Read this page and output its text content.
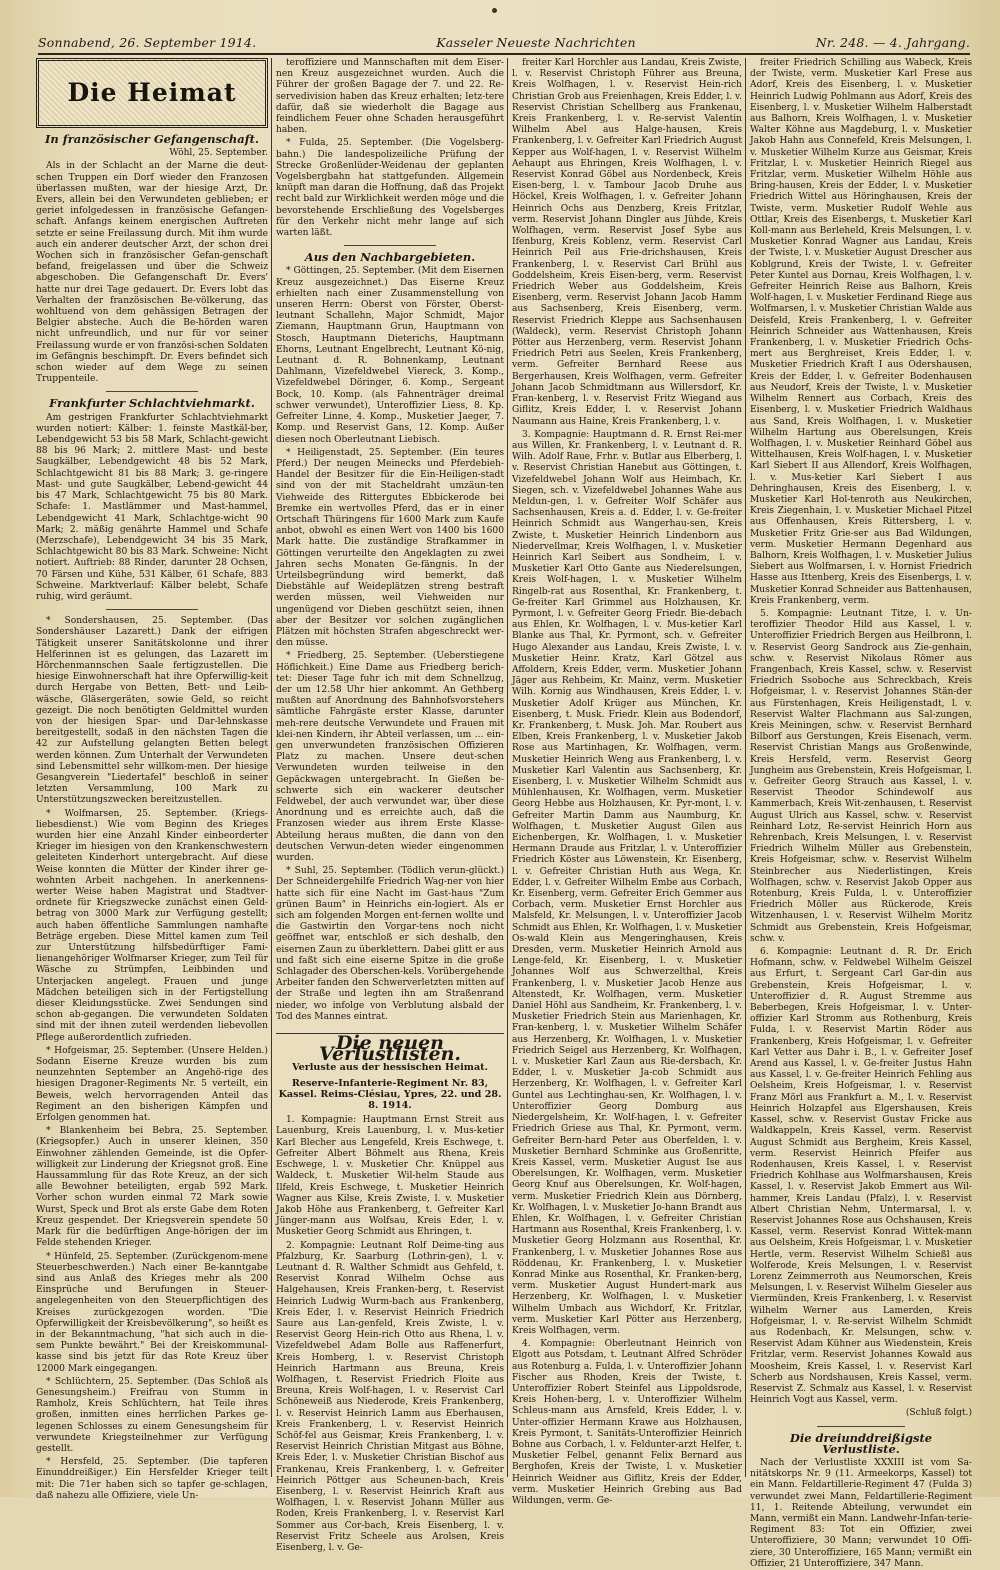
Sonnabend, 26. September 1914.	Kasseler Neueste Nachrichten	Nr. 248. — 4. Jahrgang.
Die Heimat
In französischer Gefangenschaft.
Wöhl, 25. September.

Als in der Schlacht an der Marne die deut-schen Truppen ein Dorf wieder den Franzosen überlassen mußten, war der hiesige Arzt, Dr. Evers, allein bei den Verwundeten geblieben; er geriet infolgedessen in französische Gefangen-schaft. Anfangs keinem energischen Auftreten setzte er seine Freilassung durch. Mit ihm wurde auch ein anderer deutscher Arzt, der schon drei Wochen sich in französischer Gefan-genschaft befand, freigelassen und über die Schweiz abgeschoben. Die Gefangenschaft Dr. Evers' hatte nur drei Tage gedauert. Dr. Evers lobt das Verhalten der französischen Be-völkerung, das wohltuend von dem gehässigen Betragen der Belgier absteche. Auch die Be-hörden waren nicht unfreundlich, und nur für vor seiner Freilassung wurde er von französi-schen Soldaten im Gefängnis beschimpft. Dr. Evers befindet sich schon wieder auf dem Wege zu seinen Truppenteile.

Frankfurter Schlachtviehmarkt.

Am gestrigen Frankfurter Schlachtviehmarkt wurden notiert: Kälber: 1. feinste Mastkäl-ber, Lebendgewicht 53 bis 58 Mark, Schlacht-gewicht 88 bis 96 Mark; 2. mittlere Mast- und beste Saugkälber, Lebendgewicht 48 bis 52 Mark, Schlachtgewicht 81 bis 88 Mark; 3. ge-ringere Mast- und gute Saugkälber, Lebend-gewicht 44 bis 47 Mark, Schlachtgewicht 75 bis 80 Mark. Schafe: 1. Mastlämmer und Mast-hammel, Lebendgewicht 41 Mark, Schlachtge-wicht 90 Mark; 2. mäßig genährte Hammel und Schafe (Merzschafe), Lebendgewicht 34 bis 35 Mark, Schlachtgewicht 80 bis 83 Mark. Schweine: Nicht notiert. Auftrieb: 88 Rinder, darunter 28 Ochsen, 70 Färsen und Kühe, 531 Kälber, 61 Schafe, 883 Schweine. Marktverlauf: Kälber belebt, Schafe ruhig, wird geräumt.

* Sondershausen, 25. September. (Das Sondershäuser Lazarett.) Dank der eifrigen Tätigkeit unserer Sanitätskolonne und ihrer Helferinnen ist es gelungen, das Lazarett im Hörchenmannschen Saale fertigzustellen. Die hiesige Einwohnerschaft hat ihre Opferwillig-keit durch Hergabe von Betten, Bett- und Leib-wäsche, Gläsergeräten, sowie Geld, so reicht gezeigt. Die noch benötigten Geldmittel wurden von der hiesigen Spar- und Dar-lehnskasse bereitgestellt, sodaß in den nächsten Tagen die 42 zur Aufstellung gelangten Betten belegt werden können. Zum Unterhalt der Verwundeten sind Lebensmittel sehr willkom-men. Der hiesige Gesangverein "Liedertafel" beschloß in seiner letzten Versammlung, 100 Mark zu Unterstützungszwecken bereitzustellen.

* Wolfmarsen, 25. September. (Kriegs-liebesdienst.) Wie vom Beginn des Krieges wurden hier eine Anzahl Kinder einbeorderter Krieger im hiesigen von den Krankenschwestern geleiteten Kinderhort untergebracht. Auf diese Weise konnten die Mütter der Kinder ihrer ge-wohnten Arbeit nachgehen. In anerkennens-werter Weise haben Magistrat und Stadtver-ordnete für Kriegszwecke zunächst einen Geld-betrag von 3000 Mark zur Verfügung gestellt; auch haben öffentliche Sammlungen namhafte Beträge ergeben. Diese Mittel kamen zum Teil zur Unterstützung hilfsbedürftiger Fami-lienangehöriger Wolfmarser Krieger, zum Teil für Wäsche zu Strümpfen, Leibbinden und Unterjacken angelegt. Frauen und junge Mädchen beteiligen sich in der Fertigstellung dieser Kleidungsstücke. Zwei Sendungen sind schon ab-gegangen. Die verwundeten Soldaten sind mit der ihnen zuteil werdenden liebevollen Pflege außerordentlich zufrieden.

* Hofgeismar, 25. September. (Unsere Helden.) Sodann Eiserne Kreuze wurden bis zum neunzehnten September an Angehö-rige des hiesigen Dragoner-Regiments Nr. 5 verteilt, ein Beweis, welch hervorragenden Anteil das Regiment an den bisherigen Kämpfen und Erfolgen genommen hat.

* Blankenheim bei Bebra, 25. September. (Kriegsopfer.) Auch in unserer kleinen, 350 Einwohner zählenden Gemeinde, ist die Opfer-willigkeit zur Linderung der Kriegsnot groß. Eine Haussammlung für das Rote Kreuz, an der sich alle Bewohner beteiligten, ergab 592 Mark. Vorher schon wurden einmal 72 Mark sowie Wurst, Speck und Brot als erste Gabe dem Roten Kreuz gespendet. Der Kriegsverein spendete 50 Mark für die bedürftigen Ange-hörigen der im Felde stehenden Krieger.

* Hünfeld, 25. September. (Zurückgenom-mene Steuerbeschwerden.) Nach einer Be-kanntgabe sind aus Anlaß des Krieges mehr als 200 Einsprüche und Berufungen in Steuer-angelegenheiten von den Steuerpflichtigen des Kreises zurückgezogen worden. "Die Opferwilligkeit der Kreisbevölkerung", so heißt es in der Bekanntmachung, "hat sich auch in die-sem Punkte bewährt." Bei der Kreiskommunal-kasse sind bis jetzt für das Rote Kreuz über 12000 Mark eingegangen.

* Schlüchtern, 25. September. (Das Schloß als Genesungsheim.) Freifrau von Stumm in Ramholz, Kreis Schlüchtern, hat Teile ihres großen, inmitten eines herrlichen Parkes ge-legenen Schlosses zu einem Genesungsheim für verwundete Kriegsteilnehmer zur Verfügung gestellt.

* Hersfeld, 25. September. (Die tapferen Einunddreißiger.) Ein Hersfelder Krieger teilt mit: Die 71er haben sich so tapfer ge-schlagen, daß nahezu alle Offiziere, viele Un-

teroffiziere und Mannschaften mit dem Eiser-nen Kreuz ausgezeichnet wurden. Auch die Führer der großen Bagage der 7. und 22. Re-servedivision haben das Kreuz erhalten; letz-tere dafür, daß sie wiederholt die Bagage aus feindlichem Feuer ohne Schaden herausgeführt haben.

* Fulda, 25. September. (Die Vogelsberg-bahn.) Die landespolizeiliche Prüfung der Strecke Großenlüder-Weidenau der geplanten Vogelsbergbahn hat stattgefunden. Allgemein knüpft man daran die Hoffnung, daß das Projekt recht bald zur Wirklichkeit werden möge und die bevorstehende Erschließung des Vogelsberges für den Verkehr nicht mehr lange auf sich warten läßt.

Aus den Nachbargebieten.

* Göttingen, 25. September. (Mit dem Eisernen Kreuz ausgezeichnet.) Das Eiserne Kreuz erhielten nach einer Zusammenstellung von unseren Herrn: Oberst von Förster, Oberst-leutnant Schallehn, Major Schmidt, Major Ziemann, Hauptmann Grun, Hauptmann von Stosch, Hauptmann Dieterichs, Hauptmann Ehorns, Leutnant Engelbrecht, Leutnant Kö-nig, Leutnant d. R. Bohnenkamp, Leutnant Dahlmann, Vizefeldwebel Viereck, 3. Komp., Vizefeldwebel Döringer, 6. Komp., Sergeant Bock, 10. Komp. (als Fahnenträger dreimal schwer verwundet), Unteroffizier Liess, 8. Kp. Gefreiter Linne, 4. Komp., Musketier Jaeger, 7. Komp. und Reservist Gans, 12. Komp. Außer diesen noch Oberleutnant Liebisch.

* Heiligenstadt, 25. September. (Ein teures Pferd.) Der neugen Meinecks und Pferdebieh-Handel der Besitzer für die Ein-Heiligen-stadt sind von der mit Stacheldraht umzäun-ten Viehweide des Rittergutes Ebbickerode bei Bremke ein wertvolles Pferd, das er in einer Ortschaft Thüringens für 1600 Mark zum Kaufe anbot, obwohl es einen Wert von 1400 bis 1600 Mark hatte. Die zuständige Strafkammer in Göttingen verurteilte den Angeklagten zu zwei Jahren sechs Monaten Ge-fängnis. In der Urteilsbegründung wird bemerkt, daß Diebstähle auf Weideplätzen streng bestraft werden müssen, weil Viehweiden nur ungenügend vor Dieben geschützt seien, ihnen aber der Besitzer vor solchen zugänglichen Plätzen mit höchsten Strafen abgeschreckt wer-den müsse.

* Friedberg, 25. September. (Ueberstiegene Höflichkeit.) Eine Dame aus Friedberg berich-tet: Dieser Tage fuhr ich mit dem Schnellzug, der um 12.58 Uhr hier ankommt. An Gethberg mußten auf Anordnung des Bahnhofsvorstehers sämtliche Fahrgäste erster Klasse, darunter meh-rere deutsche Verwundete und Frauen mit klei-nen Kindern, ihr Abteil verlassen, um ... ein-gen unverwundeten französischen Offizieren Platz zu machen. Unsere deut-schen Verwundeten wurden teilweise in den Gepäckwagen untergebracht. In Gießen be-schwerte sich ein wackerer deutscher Feldwebel, der auch verwundet war, über diese Anordnung und es erreichte auch, daß die Franzosen wieder aus ihrem Erste Klasse-Abteilung heraus mußten, die dann von den deutschen Verwun-deten wieder eingenommen wurden.

* Suhl, 25. September. (Tödlich verun-glückt.) Der Schneidergehilfe Friedrich Wag-ner von hier hatte sich für eine Nacht im Gast-haus "Zum grünen Baum" in Heinrichs ein-logiert. Als er sich am folgenden Morgen ent-fernen wollte und die Gastwirtin den Vorgar-tens noch nicht geöffnet war, entschloß er sich deshalb, den eisernen Zaun zu überklettern. Dabei glitt er aus und faßt sich eine eiserne Spitze in die große Schlagader des Oberschen-kels. Vorübergehende Arbeiter fanden den Schwerverletzten mitten auf der Straße und legten ihn am Straßenrand nieder, wo infolge von Verblutung alsbald der Tod des Mannes eintrat.

Die neuen Verlustlisten.
Verluste aus der hessischen Heimat.
Reserve-Infanterie-Regiment Nr. 83, Kassel. Reims-Clésiau, Ypres, 22. und 28. 8. 1914.

1. Kompagnie: Hauptmann Ernst Streit aus Lauenburg, Kreis Lauenburg, l. v. Mus-ketier Karl Blecher aus Lengefeld, Kreis Eschwege, t. Gefreiter Albert Böhmelt aus Rhena, Kreis Eschwege, l. v. Musketier Chr. Knüppel aus Waldeck, t. Musketier Wil-helm Staude aus Ilfeld, Kreis Eschwege, t. Musketier Heinrich Wagner aus Kilse, Kreis Zwiste, l. v. Musketier Jakob Höhe aus Frankenberg, t. Gefreiter Karl Jünger-mann aus Wolfsau, Kreis Eder, l. v. Musketier Georg Schmidt aus Ehringen, t.

2. Kompagnie: Leutnant Rolf Deime-ting aus Pfalzburg, Kr. Saarburg (Lothrin-gen), l. v. Leutnant d. R. Walther Schmidt aus Gehfeld, t. Reservist Konrad Wilhelm Ochse aus Halgehausen, Kreis Franken-berg, t. Reservist Heinrich Ludwig Wurm-bach aus Frankenberg, Kreis Eder, l. v. Reservist Heinrich Friedrich Saure aus Lan-genfeld, Kreis Zwiste, l. v. Reservist Georg Hein-rich Otto aus Rhena, l. v. Vizefeldwebel Adam Bolle aus Raffenerfurt, Kreis Homberg, l. v. Reservist Christoph Heinrich Hartmann aus Breuna, Kreis Wolfhagen, t. Reservist Friedrich Floite aus Breuna, Kreis Wolf-hagen, l. v. Reservist Carl Schöneweiß aus Niederode, Kreis Frankenberg, l. v. Reservist Heinrich Lamm aus Eberhausen, Kreis Frankenberg, l. v. Reservist Heinrich Schöf-fel aus Geismar, Kreis Frankenberg, l. v. Reservist Heinrich Christian Mitgast aus Böhne, Kreis Eder, l. v. Musketier Christian Bischof aus Frankenau, Kreis Frankenberg, l. v. Gefreiter Heinrich Pöttger aus Scheunen-bach, Kreis Eisenberg, l. v. Reservist Heinrich Kraft aus Wolfhagen, l. v. Reservist Johann Müller aus Roden, Kreis Frankenberg, l. v. Reservist Karl Sommer aus Cor-bach, Kreis Eisenberg, l. v. Reservist Fritz Scheele aus Arolsen, Kreis Eisenberg, l. v. Ge-

freiter Karl Horchler aus Landau, Kreis Zwiste, l. v. Reservist Christoph Führer aus Breuna, Kreis Wolfhagen, l. v. Reservist Hein-rich Christian Grob aus Freienhagen, Kreis Edder, l. v. Reservist Christian Schellberg aus Frankenau, Kreis Frankenberg, l. v. Re-servist Valentin Wilhelm Abel aus Halge-hausen, Kreis Frankenberg, l. v. Gefreiter Karl Friedrich August Kepper aus Wolf-hagen, l. v. Reservist Wilhelm Aehaupt aus Ehringen, Kreis Wolfhagen, l. v. Reservist Konrad Göbel aus Nordenbeck, Kreis Eisen-berg, l. v. Tambour Jacob Druhe aus Höckel, Kreis Wolfhagen, l. v. Gefreiter Johann Heinrich Ochs aus Denzberg, Kreis Fritzlar, verm. Reservist Johann Dingler aus Jühde, Kreis Wolfhagen, verm. Reservist Josef Sybe aus Ifenburg, Kreis Koblenz, verm. Reservist Carl Heinrich Peil aus Frie-drichshausen, Kreis Frankenberg, l. v. Reservist Carl Brühl aus Goddelsheim, Kreis Eisen-berg, verm. Reservist Friedrich Weber aus Goddelsheim, Kreis Eisenberg, verm. Reservist Johann Jacob Hamm aus Sachsenberg, Kreis Eisenberg, verm. Reservist Friedrich Kleppe aus Sachsenhausen (Waldeck), verm. Reservist Christoph Johann Pötter aus Herzenberg, verm. Reservist Johann Friedrich Petri aus Seelen, Kreis Frankenberg, verm. Gefreiter Bernhard Reese aus Bergerhausen, Kreis Wolfhagen, verm. Gefreiter Johann Jacob Schmidtmann aus Willersdorf, Kr. Fran-kenberg, l. v. Reservist Fritz Wiegand aus Giflitz, Kreis Edder, l. v. Reservist Johann Naumann aus Haine, Kreis Frankenberg, l. v.

3. Kompagnie: Hauptmann d. R. Ernst Rei-mer aus Willen, Kr. Frankenberg, l. v. Leutnant d. R. Wilh. Adolf Raue, Frhr. v. Butlar aus Elberberg, l. v. Reservist Christian Hanebut aus Göttingen, t. Vizefeldwebel Johann Wolf aus Heimbach, Kr. Siegen, sch. v. Vizefeldwebel Johannes Wahe aus Meldun-gen, l. v. Gefreiter Wolf Schäfer aus Sachsenhausen, Kreis a. d. Edder, l. v. Ge-freiter Heinrich Schmidt aus Wangerhau-sen, Kreis Zwiste, t. Musketier Heinrich Lindenborn aus Niedervellmar, Kreis Wolfhagen, l. v. Musketier Heinrich Karl Seibert aus Sondheim, l. v. Musketier Karl Otto Gante aus Niederelsungen, Kreis Wolf-hagen, l. v. Musketier Wilhelm Ringelb-rat aus Rosenthal, Kr. Frankenberg, t. Ge-freiter Karl Grimmel aus Holzhausen, Kr. Pyrmont, l. v. Gefreiter Georg Friedr. Bie-debach aus Ehlen, Kr. Wolfhagen, l. v. Mus-ketier Karl Blanke aus Thal, Kr. Pyrmont, sch. v. Gefreiter Hugo Alexander aus Landau, Kreis Zwiste, l. v. Musketier Heinr. Kratz, Karl Götzel aus Affoldern, Kreis Edder, verm. Musketier Johann Jäger aus Rehbeim, Kr. Mainz, verm. Musketier Wilh. Kornig aus Windhausen, Kreis Edder, l. v. Musketier Adolf Krüger aus München, Kr. Eisenberg, t. Musk. Friedr. Klein aus Bodendorf, Kr. Frankenberg, t. Musk. Joh. Mar. Roubert aus Elben, Kreis Frankenberg, l. v. Musketier Jakob Rose aus Martinhagen, Kr. Wolfhagen, verm. Musketier Heinrich Weng aus Frankenberg, l. v. Musketier Karl Valentin aus Sachsenberg, Kr. Eisenberg, l. v. Musketier Wilhelm Schmidt aus Mühlenhausen, Kr. Wolfhagen, verm. Musketier Georg Hebbe aus Holzhausen, Kr. Pyr-mont, l. v. Gefreiter Martin Damm aus Naumburg, Kr. Wolfhagen, t. Musketier August Gilen aus Eichenbergen, Kr. Wolfhagen, l. v. Musketier Hermann Draude aus Fritzlar, l. v. Unteroffizier Friedrich Köster aus Löwenstein, Kr. Eisenberg, l. v. Gefreiter Christian Huth aus Wega, Kr. Edder, l. v. Gefreiter Wilhelm Embe aus Corbach, Kr. Eisenberg, verm. Gefreiter Erich Gemmer aus Corbach, verm. Musketier Ernst Horchler aus Malsfeld, Kr. Melsungen, l. v. Unteroffizier Jacob Schmidt aus Ehlen, Kr. Wolfhagen, l. v. Musketier Os-wald Klein aus Mengeringhausen, Kreis Dresden, verm. Musketier Heinrich Arnold aus Lenge-feld, Kr. Eisenberg, l. v. Musketier Johannes Wolf aus Schwerzelthal, Kreis Frankenberg, l. v. Musketier Jacob Henze aus Altenstedt, Kr. Wolfhagen, verm. Musketier Daniel Höhl aus Sandheim, Kr. Frankenberg, l. v. Musketier Friedrich Stein aus Marienhagen, Kr. Fran-kenberg, l. v. Musketier Wilhelm Schäfer aus Herzenberg, Kr. Wolfhagen, l. v. Musketier Friedrich Seigel aus Herzenberg, Kr. Wolfhagen, l. v. Musketier Karl Zaun aus Rie-dersbach, Kr. Edder, l. v. Musketier Ja-cob Schmidt aus Herzenberg, Kr. Wolfhagen, l. v. Gefreiter Karl Guntel aus Lechtinghau-sen, Kr. Wolfhagen, l. v. Unteroffizier Georg Domburg aus Niedergelsheim, Kr. Wolf-hagen, l. v. Gefreiter Friedrich Griese aus Thal, Kr. Pyrmont, verm. Gefreiter Bern-hard Peter aus Oberfelden, l. v. Musketier Bernhard Schminke aus Großenritte, Kreis Kassel, verm. Musketier August Ise aus Oberelsungen, Kr. Wolfhagen, verm. Musketier Georg Knuf aus Oberelsungen, Kr. Wolf-hagen, verm. Musketier Friedrich Klein aus Dörnberg, Kr. Wolfhagen, l. v. Musketier Jo-hann Brandt aus Ehlen, Kr. Wolfhagen, l. v. Gefreiter Christian Hartmann aus Rosenthal, Kreis Frankenberg, l. v. Musketier Georg Holzmann aus Rosenthal, Kr. Frankenberg, l. v. Musketier Johannes Rose aus Röddenau, Kr. Frankenberg, l. v. Musketier Konrad Minke aus Rosenthal, Kr. Franken-berg, verm. Musketier August Hundert-mark aus Herzenberg, Kr. Wolfhagen, l. v. Musketier Wilhelm Umbach aus Wichdorf, Kr. Fritzlar, verm. Musketier Karl Pötter aus Herzenberg, Kreis Wolfhagen, verm.

4. Kompagnie: Oberleutnant Heinrich von Elgott aus Potsdam, t. Leutnant Alfred Schröder aus Rotenburg a. Fulda, l. v. Unteroffizier Johann Fischer aus Rhoden, Kreis der Twiste, t. Unteroffizier Robert Steinfel aus Lippoldsrode, Kreis Hohen-berg, l. v. Unteroffizier Wilhelm Schleus-mann aus Arnsfeld, Kreis Edder, l. v. Unter-offizier Hermann Krawe aus Holzhausen, Kreis Pyrmont, t. Sanitäts-Unteroffizier Heinrich Bohne aus Corbach, l. v. Feldunter-arzt Helfer, t. Musketier Felbel, genannt Felix Bernard aus Berghofen, Kreis der Twiste, l. v. Musketier Heinrich Weidner aus Giflitz, Kreis der Edder, verm. Musketier Heinrich Grebing aus Bad Wildungen, verm. Ge-

freiter Friedrich Schilling aus Wabeck, Kreis der Twiste, verm. Musketier Karl Frese aus Adorf, Kreis des Eisenberg, l. v. Musketier Heinrich Ludwig Pohlmann aus Adorf, Kreis des Eisenberg, l. v. Musketier Wilhelm Halberstadt aus Balhorn, Kreis Wolfhagen, l. v. Musketier Walter Köhne aus Magdeburg, l. v. Musketier Jakob Hahn aus Connefeld, Kreis Melsungen, l. v. Musketier Wilhelm Kurze aus Geismar, Kreis Fritzlar, l. v. Musketier Heinrich Riegel aus Fritzlar, verm. Musketier Wilhelm Höhle aus Bring-hausen, Kreis der Edder, l. v. Musketier Friedrich Wittel aus Höringhausen, Kreis der Twiste, verm. Musketier Rudolf Wehle aus Ottlar, Kreis des Eisenbergs, t. Musketier Karl Koll-mann aus Berleheld, Kreis Melsungen, l. v. Musketier Konrad Wagner aus Landau, Kreis der Twiste, l. v. Musketier August Drescher aus Koblgrund, Kreis der Twiste, l. v. Gefreiter Peter Kuntel aus Dornau, Kreis Wolfhagen, l. v. Gefreiter Heinrich Reise aus Balhorn, Kreis Wolf-hagen, l. v. Musketier Ferdinand Riege aus Wolfmarsen, l. v. Musketier Christian Walde aus Deisfeld, Kreis Frankenberg, l. v. Gefreiter Heinrich Schneider aus Wattenhausen, Kreis Frankenberg, l. v. Musketier Friedrich Ochs-mert aus Berghreiset, Kreis Edder, l. v. Musketier Friedrich Kraft I aus Odershausen, Kreis der Edder, l. v. Gefreiter Bodenhausen aus Neudorf, Kreis der Twiste, l. v. Musketier Wilhelm Rennert aus Corbach, Kreis des Eisenberg, l. v. Musketier Friedrich Waldhaus aus Sand, Kreis Wolfhagen, l. v. Musketier Wilhelm Hartung aus Oberelsungen, Kreis Wolfhagen, l. v. Musketier Reinhard Göbel aus Wittelhausen, Kreis Wolf-hagen, l. v. Musketier Karl Siebert II aus Allendorf, Kreis Wolfhagen, l. v. Mus-ketier Karl Siebert I aus Dehringhausen, Kreis des Eisenberg, l. v. Musketier Karl Hol-tenroth aus Neukirchen, Kreis Ziegenhain, l. v. Musketier Michael Pitzel aus Offenhausen, Kreis Rittersberg, l. v. Musketier Fritz Grie-ser aus Bad Wildungen, verm. Musketier Hermann Degenhard aus Balhorn, Kreis Wolfhagen, l. v. Musketier Julius Siebert aus Wolfmarsen, l. v. Hornist Friedrich Hasse aus Ittenberg, Kreis des Eisenbergs, l. v. Musketier Konrad Schneider aus Battenhausen, Kreis Frankenberg, verm.

5. Kompagnie: Leutnant Titze, l. v. Un-teroffizier Theodor Hild aus Kassel, l. v. Unteroffizier Friedrich Bergen aus Heilbronn, l. v. Reservist Georg Sandrock aus Zie-genhain, schw. v. Reservist Nikolaus Römer aus Frangenbach, Kreis Kassel, schw. v. Reservist Friedrich Ssoboche aus Schreckbach, Kreis Hofgeismar, l. v. Reservist Johannes Stän-der aus Fürstenhagen, Kreis Heiligenstadt, l. v. Reservist Walter Flachmann aus Sal-zungen, Kreis Meiningen, schw. v. Reservist Bernhard Bilborf aus Gerstungen, Kreis Eisenach, verm. Reservist Christian Mangs aus Großenwinde, Kreis Hersfeld, verm. Reservist Georg Jungheim aus Grebenstein, Kreis Hofgeismar, l. v. Gefreiter Georg Strauch aus Kassel, l. v. Reservist Theodor Schindewolf aus Kammerbach, Kreis Wit-zenhausen, t. Reservist August Ulrich aus Kassel, schw. v. Reservist Reinhard Lotz, Re-servist Heinrich Horn aus Rehrenbach, Kreis Melsungen, l. v. Reservist Friedrich Wilhelm Müller aus Grebenstein, Kreis Hofgeismar, schw. v. Reservist Wilhelm Steinbrecher aus Niederlistingen, Kreis Wolfhagen, schw. v. Reservist Jakob Opper aus Rotenburg, Kreis Fulda, l. v. Unteroffizier Friedrich Möller aus Rückerode, Kreis Witzenhausen, l. v. Reservist Wilhelm Moritz Schmidt aus Grebenstein, Kreis Hofgeismar, schw. v.

6. Kompagnie: Leutnant d. R. Dr. Erich Hofmann, schw. v. Feldwebel Wilhelm Geiszel aus Erfurt, t. Sergeant Carl Gar-din aus Grebenstein, Kreis Hofgeismar, l. v. Unteroffizier d. R. August Stremme aus Beberbegen, Kreis Hofgeismar, l. v. Unter-offizier Karl Stromm aus Rothenburg, Kreis Fulda, l. v. Reservist Martin Röder aus Frankenberg, Kreis Hofgeismar, l. v. Gefreiter Karl Vetter aus Dahr i. B., l. v. Gefreiter Josef Arend aus Kassel, l. v. Ge-freiter Justus Hahn aus Kassel, l. v. Ge-freiter Heinrich Fehling aus Oelsheim, Kreis Hofgeismar, l. v. Reservist Franz Mörl aus Frankfurt a. M., l. v. Reservist Heinrich Holzapfel aus Elgershausen, Kreis Kassel, schw. v. Reservist Gustav Fricke aus Waldkappeln, Kreis Kassel, verm. Reservist August Schmidt aus Bergheim, Kreis Kassel, verm. Reservist Heinrich Pfeifer aus Rodenhausen, Kreis Kassel, l. v. Reservist Friedrich Kohlhase aus Wolfmarshausen, Kreis Kassel, l. v. Reservist Jakob Emmert aus Wil-hammer, Kreis Landau (Pfalz), l. v. Reservist Albert Christian Nehm, Untermarsal, l. v. Reservist Johannes Rose aus Ochshausen, Kreis Kassel, verm. Reservist Konrad Wittek-mann aus Oelsheim, Kreis Hofgeismar, l. v. Musketier Hertle, verm. Reservist Wilhelm Schießl aus Wolferode, Kreis Melsungen, l. v. Reservist Lorenz Zeimmerroth aus Neumorschen, Kreis Melsungen, l. v. Reservist Wilhelm Gieseler aus Viermünden, Kreis Frankenberg, l. v. Reservist Wilhelm Werner aus Lamerden, Kreis Hofgeismar, l. v. Re-servist Wilhelm Schmidt aus Rodenbach, Kr. Melsungen, schw. v. Reservist Adam Kühner aus Wiedenstein, Kreis Fritzlar, verm. Reservist Johannes Kowald aus Moosheim, Kreis Kassel, l. v. Reservist Karl Scherb aus Nordshausen, Kreis Kassel, verm. Reservist Z. Schmalz aus Kassel, l. v. Reservist Heinrich Vogt aus Kassel, verm.

(Schluß folgt.)
Die dreiunddreißigste Verlustliste.

Nach der Verlustliste XXXIII ist vom Sa-nitätskorps Nr. 9 (11. Armeekorps, Kassel) tot ein Mann. Feldartillerie-Regiment 47 (Fulda 3) verwundet zwei Mann, Feldartillerie-Regiment 11, 1. Reitende Abteilung, verwundet ein Mann, vermißt ein Mann. Landwehr-Infan-terie-Regiment 83: Tot ein Offizier, zwei Unteroffiziere, 30 Mann; verwundet 10 Offi-ziere, 30 Unteroffiziere, 165 Mann; vermißt ein Offizier, 21 Unteroffiziere, 347 Mann.
